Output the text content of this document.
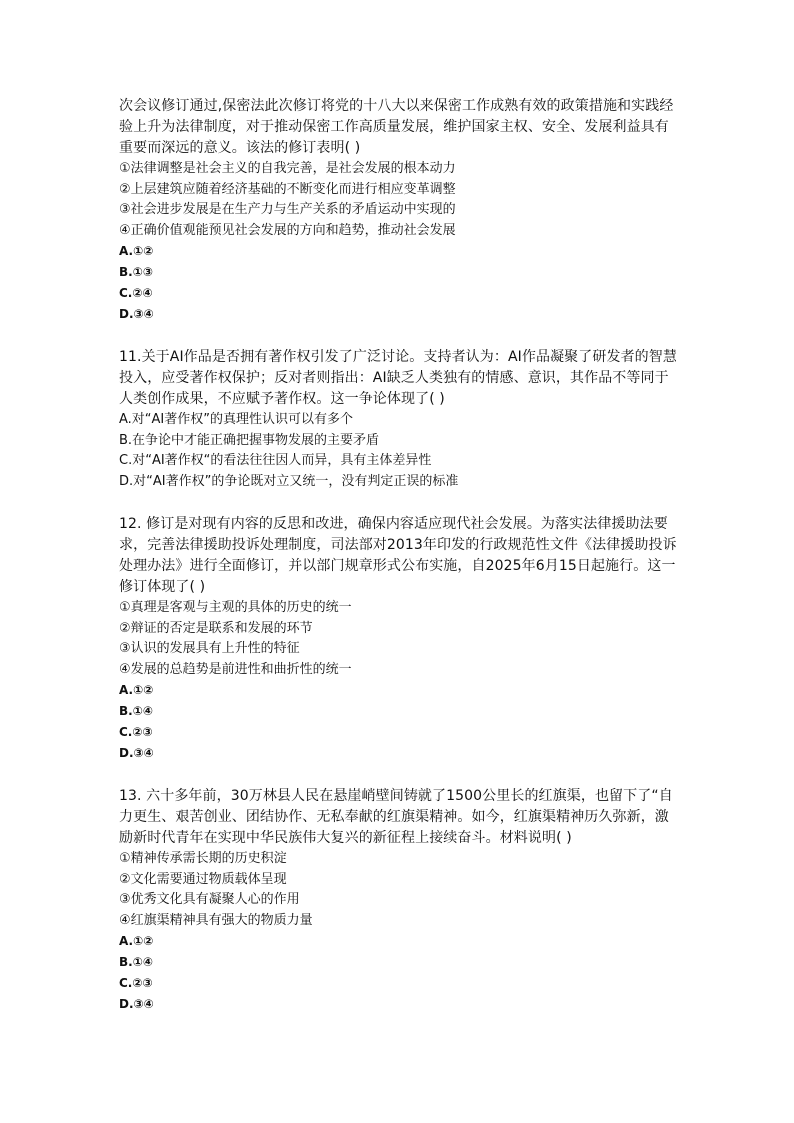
次会议修订通过,保密法此次修订将党的十八大以来保密工作成熟有效的政策措施和实践经验上升为法律制度，对于推动保密工作高质量发展，维护国家主权、安全、发展利益具有重要而深远的意义。该法的修订表明( )

①法律调整是社会主义的自我完善，是社会发展的根本动力

②上层建筑应随着经济基础的不断变化而进行相应变革调整

③社会进步发展是在生产力与生产关系的矛盾运动中实现的

④正确价值观能预见社会发展的方向和趋势，推动社会发展

A.①②

B.①③

C.②④

D.③④

11.关于AI作品是否拥有著作权引发了广泛讨论。支持者认为：AI作品凝聚了研发者的智慧投入，应受著作权保护；反对者则指出：AI缺乏人类独有的情感、意识，其作品不等同于人类创作成果，不应赋予著作权。这一争论体现了( )

A.对“AI著作权”的真理性认识可以有多个

B.在争论中才能正确把握事物发展的主要矛盾

C.对“AI著作权“的看法往往因人而异，具有主体差异性

D.对“AI著作权”的争论既对立又统一，没有判定正误的标准

12. 修订是对现有内容的反思和改进，确保内容适应现代社会发展。为落实法律援助法要求，完善法律援助投诉处理制度，司法部对2013年印发的行政规范性文件《法律援助投诉处理办法》进行全面修订，并以部门规章形式公布实施，自2025年6月15日起施行。这一修订体现了( )

①真理是客观与主观的具体的历史的统一

②辩证的否定是联系和发展的环节

③认识的发展具有上升性的特征

④发展的总趋势是前进性和曲折性的统一

A.①②

B.①④

C.②③

D.③④

13. 六十多年前，30万林县人民在悬崖峭壁间铸就了1500公里长的红旗渠，也留下了“自力更生、艰苦创业、团结协作、无私奉献的红旗渠精神。如今，红旗渠精神历久弥新，激励新时代青年在实现中华民族伟大复兴的新征程上接续奋斗。材料说明( )

①精神传承需长期的历史积淀

②文化需要通过物质载体呈现

③优秀文化具有凝聚人心的作用

④红旗渠精神具有强大的物质力量

A.①②

B.①④

C.②③

D.③④
